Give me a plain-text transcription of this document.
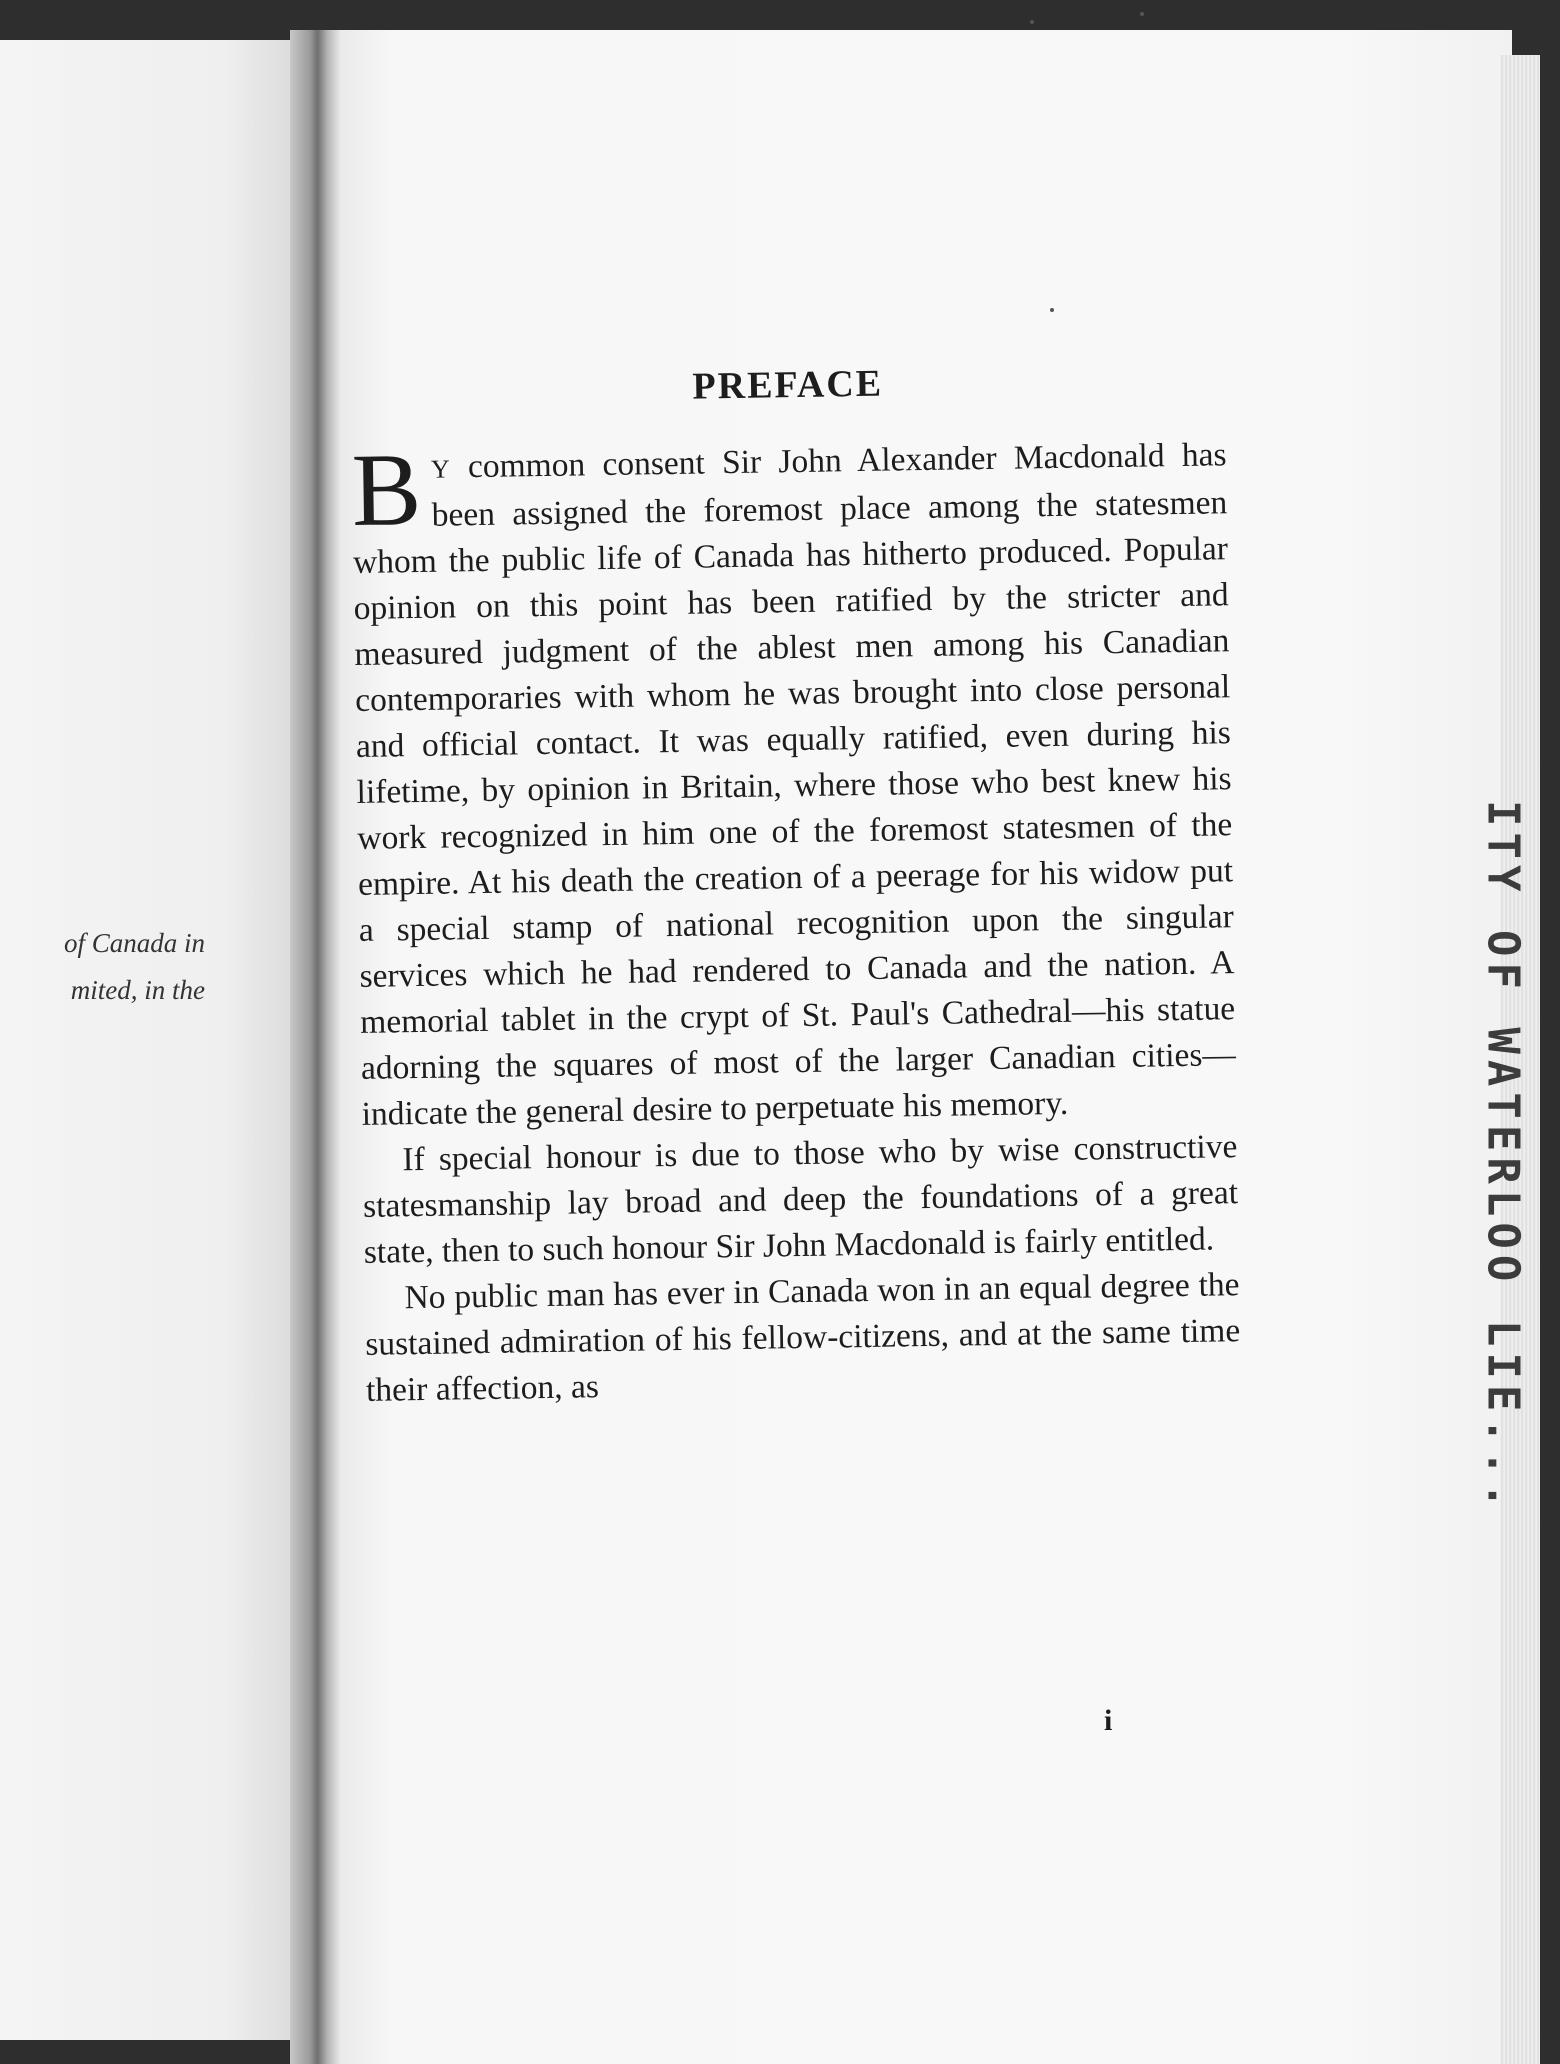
of Canada in
mited, in the	ITY OF WATERLOO LIE...
PREFACE

B Y common consent Sir John Alexander Macdonald has been assigned the foremost place among the statesmen whom the public life of Canada has hitherto produced. Popular opinion on this point has been ratified by the stricter and measured judgment of the ablest men among his Canadian contemporaries with whom he was brought into close personal and official contact. It was equally ratified, even during his lifetime, by opinion in Britain, where those who best knew his work recognized in him one of the foremost statesmen of the empire. At his death the creation of a peerage for his widow put a special stamp of national recognition upon the singular services which he had rendered to Canada and the nation. A memorial tablet in the crypt of St. Paul's Cathedral—his statue adorning the squares of most of the larger Canadian cities—indicate the general desire to perpetuate his memory.

If special honour is due to those who by wise constructive statesmanship lay broad and deep the foundations of a great state, then to such honour Sir John Macdonald is fairly entitled.

No public man has ever in Canada won in an equal degree the sustained admiration of his fellow-citizens, and at the same time their affection, as

i
